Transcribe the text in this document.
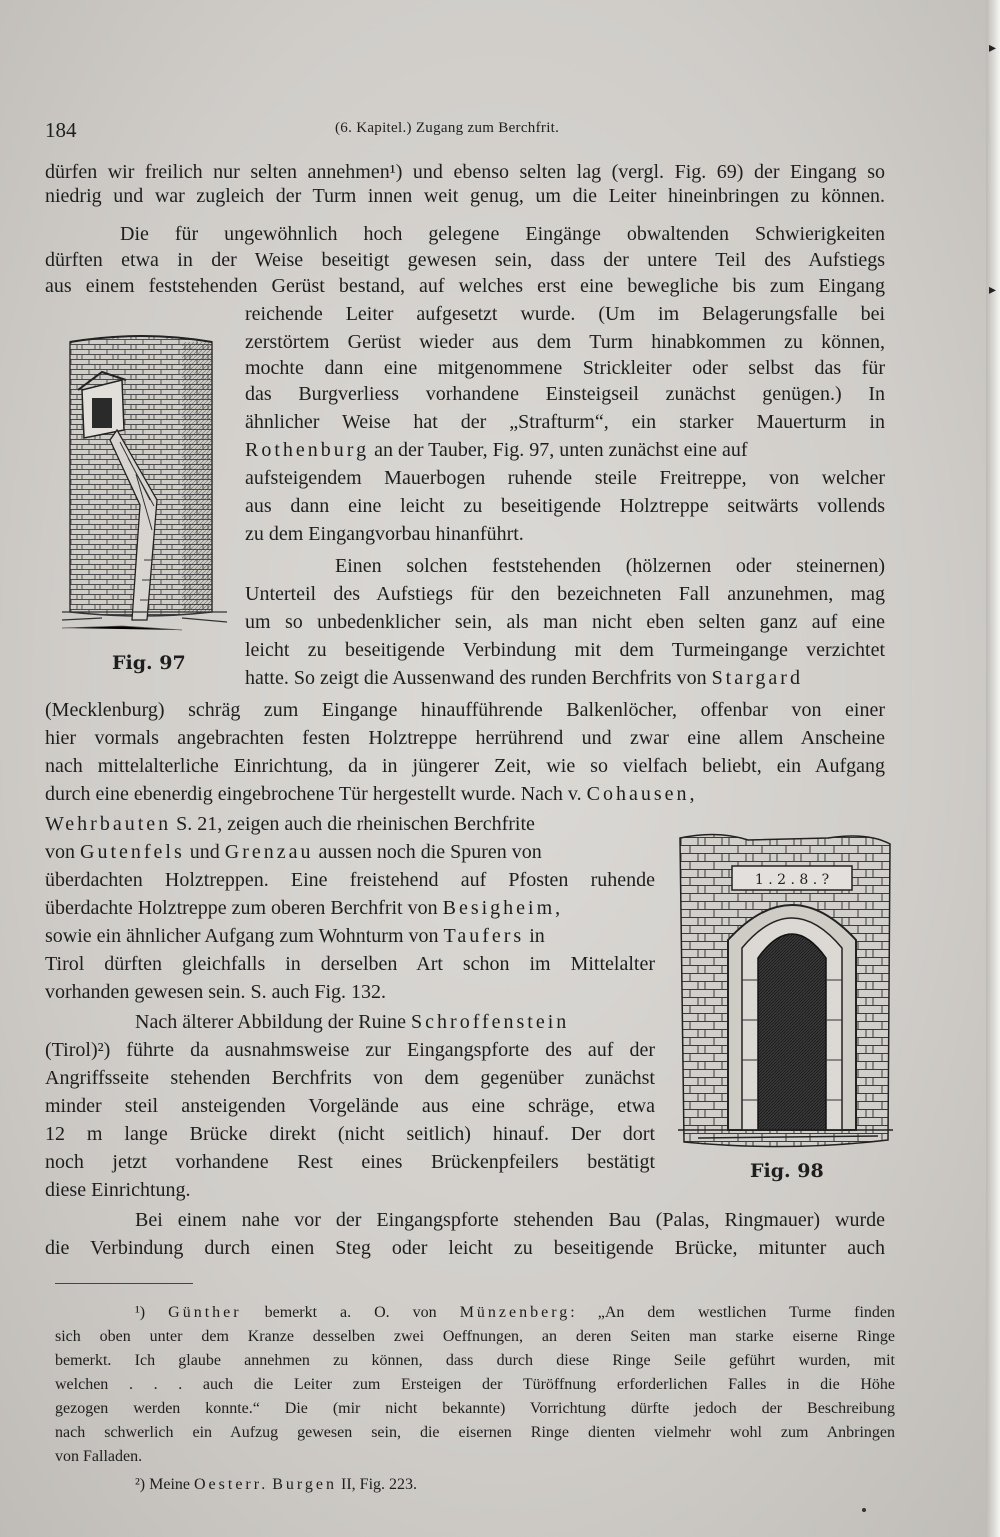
▸
▸
184	(6. Kapitel.) Zugang zum Berchfrit.
dürfen wir freilich nur selten annehmen¹) und ebenso selten lag (vergl. Fig. 69) der Eingang so
niedrig und war zugleich der Turm innen weit genug, um die Leiter hineinbringen zu können.
Die für ungewöhnlich hoch gelegene Eingänge obwaltenden Schwierigkeiten
dürften etwa in der Weise beseitigt gewesen sein, dass der untere Teil des Aufstiegs
aus einem feststehenden Gerüst bestand, auf welches erst eine bewegliche bis zum Eingang
reichende Leiter aufgesetzt wurde. (Um im Belagerungsfalle bei
zerstörtem Gerüst wieder aus dem Turm hinabkommen zu können,
mochte dann eine mitgenommene Strickleiter oder selbst das für
das Burgverliess vorhandene Einsteigseil zunächst genügen.) In
ähnlicher Weise hat der „Strafturm“, ein starker Mauerturm in
Rothenburg an der Tauber, Fig. 97, unten zunächst eine auf
aufsteigendem Mauerbogen ruhende steile Freitreppe, von welcher
aus dann eine leicht zu beseitigende Holztreppe seitwärts vollends
zu dem Eingangvorbau hinanführt.
Einen solchen feststehenden (hölzernen oder steinernen)
Unterteil des Aufstiegs für den bezeichneten Fall anzunehmen, mag
um so unbedenklicher sein, als man nicht eben selten ganz auf eine
leicht zu beseitigende Verbindung mit dem Turmeingange verzichtet
hatte. So zeigt die Aussenwand des runden Berchfrits von Stargard
(Mecklenburg) schräg zum Eingange hinaufführende Balkenlöcher, offenbar von einer
hier vormals angebrachten festen Holztreppe herrührend und zwar eine allem Anscheine
nach mittelalterliche Einrichtung, da in jüngerer Zeit, wie so vielfach beliebt, ein Aufgang
durch eine ebenerdig eingebrochene Tür hergestellt wurde. Nach v. Cohausen,
Wehrbauten S. 21, zeigen auch die rheinischen Berchfrite
von Gutenfels und Grenzau aussen noch die Spuren von
überdachten Holztreppen. Eine freistehend auf Pfosten ruhende
überdachte Holztreppe zum oberen Berchfrit von Besigheim,
sowie ein ähnlicher Aufgang zum Wohnturm von Taufers in
Tirol dürften gleichfalls in derselben Art schon im Mittelalter
vorhanden gewesen sein. S. auch Fig. 132.
Nach älterer Abbildung der Ruine Schroffenstein
(Tirol)²) führte da ausnahmsweise zur Eingangspforte des auf der
Angriffsseite stehenden Berchfrits von dem gegenüber zunächst
minder steil ansteigenden Vorgelände aus eine schräge, etwa
12 m lange Brücke direkt (nicht seitlich) hinauf. Der dort
noch jetzt vorhandene Rest eines Brückenpfeilers bestätigt
diese Einrichtung.
Bei einem nahe vor der Eingangspforte stehenden Bau (Palas, Ringmauer) wurde
die Verbindung durch einen Steg oder leicht zu beseitigende Brücke, mitunter auch
Fig. 97
1 . 2 . 8 . ?
Fig. 98
¹) Günther bemerkt a. O. von Münzenberg: „An dem westlichen Turme finden
sich oben unter dem Kranze desselben zwei Oeffnungen, an deren Seiten man starke eiserne Ringe
bemerkt. Ich glaube annehmen zu können, dass durch diese Ringe Seile geführt wurden, mit
welchen . . . auch die Leiter zum Ersteigen der Türöffnung erforderlichen Falles in die Höhe
gezogen werden konnte.“ Die (mir nicht bekannte) Vorrichtung dürfte jedoch der Beschreibung
nach schwerlich ein Aufzug gewesen sein, die eisernen Ringe dienten vielmehr wohl zum Anbringen
von Falladen.
²) Meine Oesterr. Burgen II, Fig. 223.
